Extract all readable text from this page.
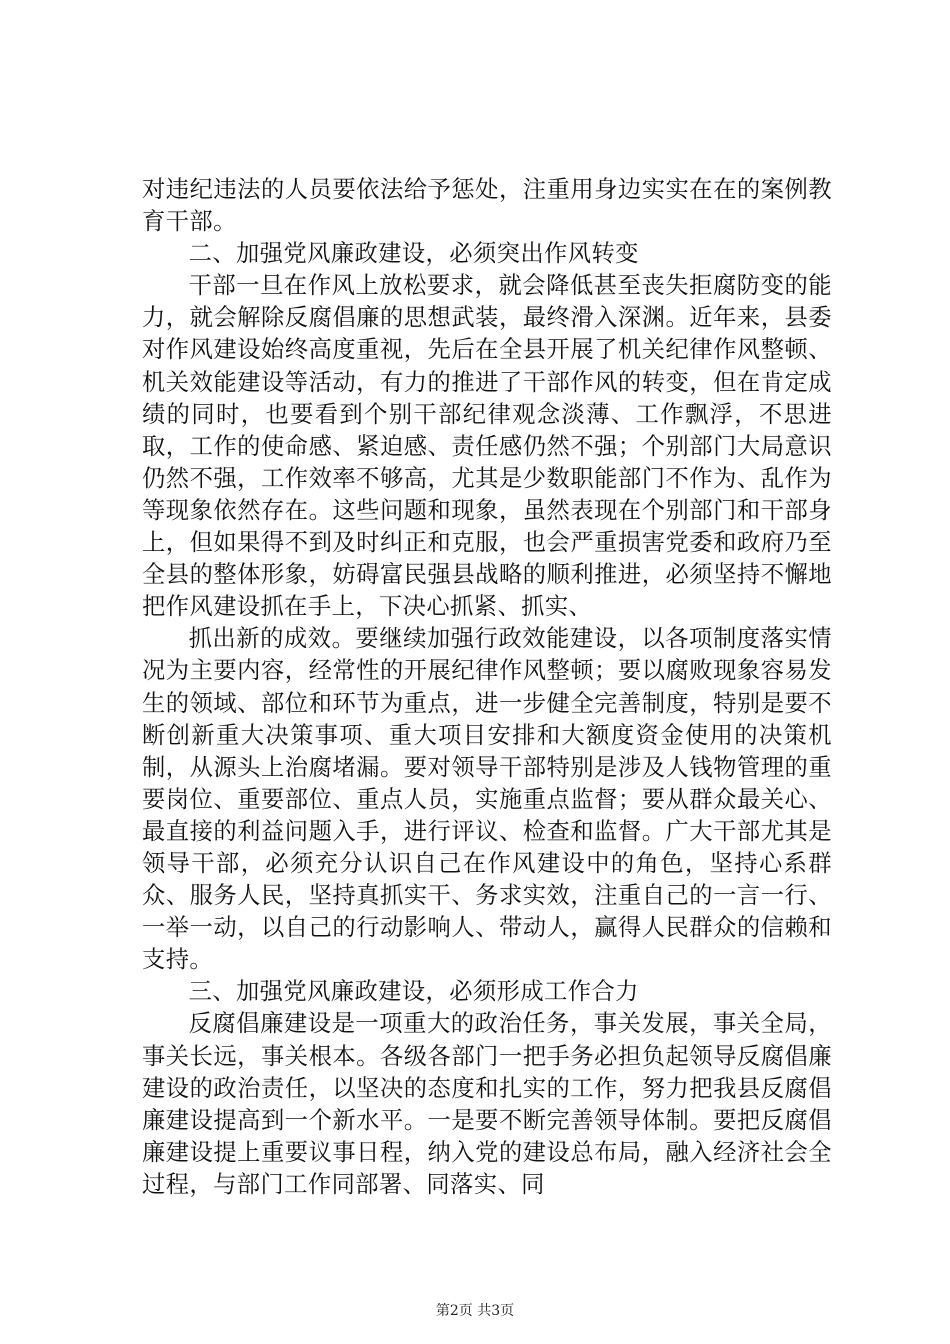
对违纪违法的人员要依法给予惩处，注重用身边实实在在的案例教育干部。

二、加强党风廉政建设，必须突出作风转变

干部一旦在作风上放松要求，就会降低甚至丧失拒腐防变的能力，就会解除反腐倡廉的思想武装，最终滑入深渊。近年来，县委对作风建设始终高度重视，先后在全县开展了机关纪律作风整顿、机关效能建设等活动，有力的推进了干部作风的转变，但在肯定成绩的同时，也要看到个别干部纪律观念淡薄、工作飘浮，不思进取，工作的使命感、紧迫感、责任感仍然不强；个别部门大局意识仍然不强，工作效率不够高，尤其是少数职能部门不作为、乱作为等现象依然存在。这些问题和现象，虽然表现在个别部门和干部身上，但如果得不到及时纠正和克服，也会严重损害党委和政府乃至全县的整体形象，妨碍富民强县战略的顺利推进，必须坚持不懈地把作风建设抓在手上，下决心抓紧、抓实、

抓出新的成效。要继续加强行政效能建设，以各项制度落实情况为主要内容，经常性的开展纪律作风整顿；要以腐败现象容易发生的领域、部位和环节为重点，进一步健全完善制度，特别是要不断创新重大决策事项、重大项目安排和大额度资金使用的决策机制，从源头上治腐堵漏。要对领导干部特别是涉及人钱物管理的重要岗位、重要部位、重点人员，实施重点监督；要从群众最关心、最直接的利益问题入手，进行评议、检查和监督。广大干部尤其是领导干部，必须充分认识自己在作风建设中的角色，坚持心系群众、服务人民，坚持真抓实干、务求实效，注重自己的一言一行、一举一动，以自己的行动影响人、带动人，赢得人民群众的信赖和支持。

三、加强党风廉政建设，必须形成工作合力

反腐倡廉建设是一项重大的政治任务，事关发展，事关全局，事关长远，事关根本。各级各部门一把手务必担负起领导反腐倡廉建设的政治责任，以坚决的态度和扎实的工作，努力把我县反腐倡廉建设提高到一个新水平。一是要不断完善领导体制。要把反腐倡廉建设提上重要议事日程，纳入党的建设总布局，融入经济社会全过程，与部门工作同部署、同落实、同

第2页 共3页
